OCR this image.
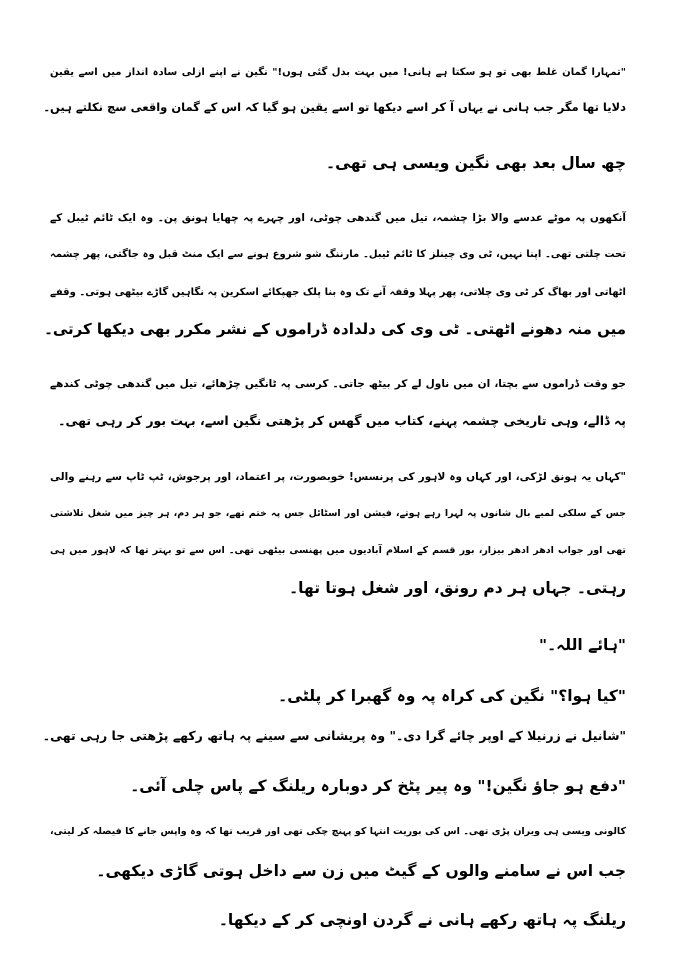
"تمہارا گمان غلط بھی تو ہو سکتا ہے ہانی! میں بہت بدل گئی ہوں!" نگین نے اپنے ازلی سادہ انداز میں اسے یقین
دلایا تھا مگر جب ہانی نے یہاں آ کر اسے دیکھا تو اسے یقین ہو گیا کہ اس کے گمان واقعی سچ نکلتے ہیں۔
چھ سال بعد بھی نگین ویسی ہی تھی۔
آنکھوں پہ موٹے عدسے والا بڑا چشمہ، تیل میں گندھی چوٹی، اور چہرے پہ چھایا ہونق پن۔ وہ ایک ٹائم ٹیبل کے
تحت چلتی تھی۔ اپنا نہیں، ٹی وی چینلز کا ٹائم ٹیبل۔ مارننگ شو شروع ہونے سے ایک منٹ قبل وہ جاگتی، پھر چشمہ
اٹھاتی اور بھاگ کر ٹی وی چلاتی، پھر پہلا وقفہ آنے تک وہ بنا پلک جھپکائے اسکرین پہ نگاہیں گاڑے بیٹھی ہوتی۔ وقفے
میں منہ دھونے اٹھتی۔ ٹی وی کی دلدادہ ڈراموں کے نشر مکرر بھی دیکھا کرتی۔
جو وقت ڈراموں سے بچتا، ان میں ناول لے کر بیٹھ جاتی۔ کرسی پہ ٹانگیں چڑھائے، تیل میں گندھی چوٹی کندھے
پہ ڈالے، وہی تاریخی چشمہ پہنے، کتاب میں گھس کر پڑھتی نگین اسے، بہت بور کر رہی تھی۔
"کہاں یہ ہونق لڑکی، اور کہاں وہ لاہور کی پرنسس! خوبصورت، پر اعتماد، اور پرجوش، ٹپ ٹاپ سے رہنے والی
جس کے سلکی لمبے بال شانوں پہ لہرا رہے ہوتے، فیشن اور اسٹائل جس پہ ختم تھے، جو ہر دم، ہر چیز میں شغل تلاشتی
تھی اور جواب ادھر ادھر بیزار، بور قسم کے اسلام آبادیوں میں پھنسی بیٹھی تھی۔ اس سے تو بہتر تھا کہ لاہور میں ہی
رہتی۔ جہاں ہر دم رونق، اور شغل ہوتا تھا۔
"ہائے اللہ۔"
"کیا ہوا؟" نگین کی کراہ پہ وہ گھبرا کر پلٹی۔
"شانیل نے زرنیلا کے اوپر چائے گرا دی۔" وہ پریشانی سے سینے پہ ہاتھ رکھے پڑھتی جا رہی تھی۔
"دفع ہو جاؤ نگین!" وہ پیر پٹخ کر دوبارہ ریلنگ کے پاس چلی آئی۔
کالونی ویسی ہی ویران پڑی تھی۔ اس کی بوریت انتہا کو پہنچ چکی تھی اور قریب تھا کہ وہ واپس جانے کا فیصلہ کر لیتی،
جب اس نے سامنے والوں کے گیٹ میں زن سے داخل ہوتی گاڑی دیکھی۔
ریلنگ پہ ہاتھ رکھے ہانی نے گردن اونچی کر کے دیکھا۔
